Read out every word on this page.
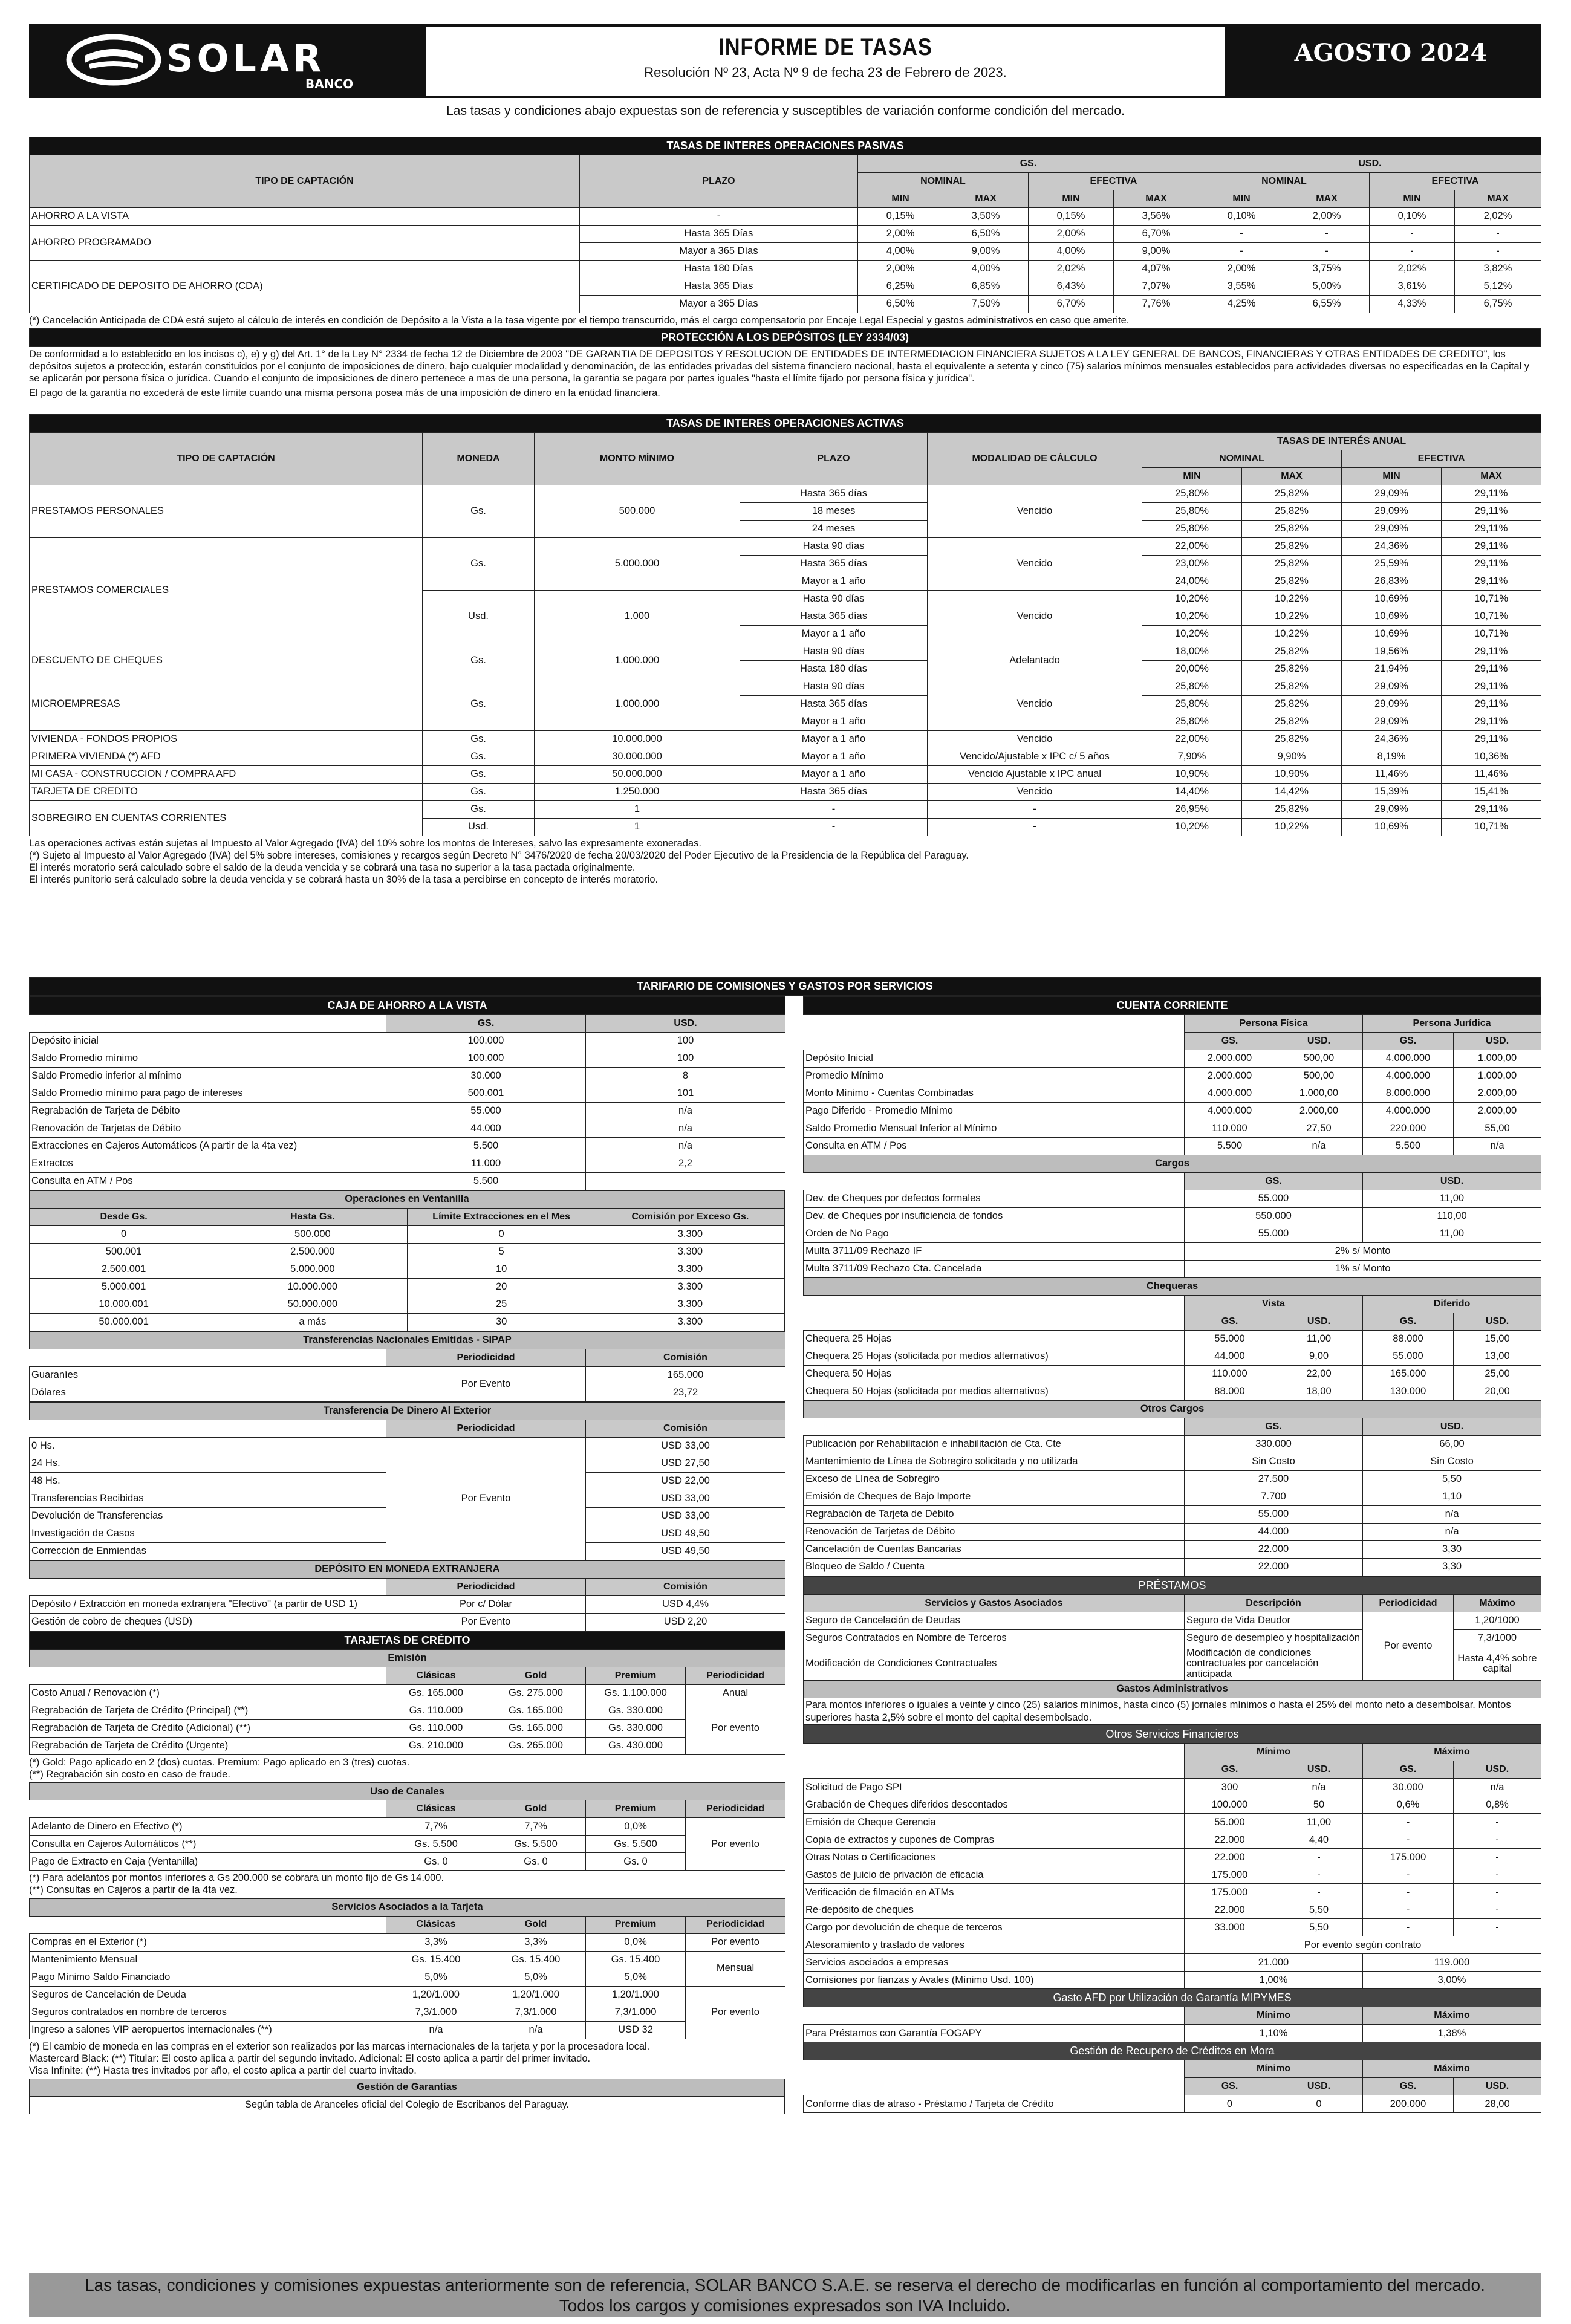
SOLAR
BANCO
INFORME DE TASAS
Resolución Nº 23, Acta Nº 9 de fecha 23 de Febrero de 2023.
AGOSTO 2024
Las tasas y condiciones abajo expuestas son de referencia y susceptibles de variación conforme condición del mercado.
TASAS DE INTERES OPERACIONES PASIVAS									
TIPO DE CAPTACIÓN	PLAZO	GS.				USD.			
		NOMINAL		EFECTIVA		NOMINAL		EFECTIVA	
		MIN	MAX	MIN	MAX	MIN	MAX	MIN	MAX
AHORRO A LA VISTA	-	0,15%	3,50%	0,15%	3,56%	0,10%	2,00%	0,10%	2,02%
AHORRO PROGRAMADO	Hasta 365 Días	2,00%	6,50%	2,00%	6,70%	-	-	-	-
	Mayor a 365 Días	4,00%	9,00%	4,00%	9,00%	-	-	-	-
CERTIFICADO DE DEPOSITO DE AHORRO (CDA)	Hasta 180 Días	2,00%	4,00%	2,02%	4,07%	2,00%	3,75%	2,02%	3,82%
	Hasta 365 Días	6,25%	6,85%	6,43%	7,07%	3,55%	5,00%	3,61%	5,12%
	Mayor a 365 Días	6,50%	7,50%	6,70%	7,76%	4,25%	6,55%	4,33%	6,75%
(*) Cancelación Anticipada de CDA está sujeto al cálculo de interés en condición de Depósito a la Vista a la tasa vigente por el tiempo transcurrido, más el cargo compensatorio por Encaje Legal Especial y gastos administrativos en caso que amerite.
PROTECCIÓN A LOS DEPÓSITOS (LEY 2334/03)
De conformidad a lo establecido en los incisos c), e) y g) del Art. 1° de la Ley N° 2334 de fecha 12 de Diciembre de 2003 "DE GARANTIA DE DEPOSITOS Y RESOLUCION DE ENTIDADES DE INTERMEDIACION FINANCIERA SUJETOS A LA LEY GENERAL DE BANCOS, FINANCIERAS Y OTRAS ENTIDADES DE CREDITO", los depósitos sujetos a protección, estarán constituidos por el conjunto de imposiciones de dinero, bajo cualquier modalidad y denominación, de las entidades privadas del sistema financiero nacional, hasta el equivalente a setenta y cinco (75) salarios mínimos mensuales establecidos para actividades diversas no especificadas en la Capital y se aplicarán por persona física o jurídica. Cuando el conjunto de imposiciones de dinero pertenece a mas de una persona, la garantia se pagara por partes iguales "hasta el límite fijado por persona física y jurídica".
El pago de la garantía no excederá de este límite cuando una misma persona posea más de una imposición de dinero en la entidad financiera.
TASAS DE INTERES OPERACIONES ACTIVAS								
TIPO DE CAPTACIÓN	MONEDA	MONTO MÍNIMO	PLAZO	MODALIDAD DE CÁLCULO	TASAS DE INTERÉS ANUAL			
					NOMINAL		EFECTIVA	
					MIN	MAX	MIN	MAX
PRESTAMOS PERSONALES	Gs.	500.000	Hasta 365 días	Vencido	25,80%	25,82%	29,09%	29,11%
			18 meses		25,80%	25,82%	29,09%	29,11%
			24 meses		25,80%	25,82%	29,09%	29,11%
PRESTAMOS COMERCIALES	Gs.	5.000.000	Hasta 90 días	Vencido	22,00%	25,82%	24,36%	29,11%
			Hasta 365 días		23,00%	25,82%	25,59%	29,11%
			Mayor a 1 año		24,00%	25,82%	26,83%	29,11%
	Usd.	1.000	Hasta 90 días	Vencido	10,20%	10,22%	10,69%	10,71%
			Hasta 365 días		10,20%	10,22%	10,69%	10,71%
			Mayor a 1 año		10,20%	10,22%	10,69%	10,71%
DESCUENTO DE CHEQUES	Gs.	1.000.000	Hasta 90 días	Adelantado	18,00%	25,82%	19,56%	29,11%
			Hasta 180 días		20,00%	25,82%	21,94%	29,11%
MICROEMPRESAS	Gs.	1.000.000	Hasta 90 días	Vencido	25,80%	25,82%	29,09%	29,11%
			Hasta 365 días		25,80%	25,82%	29,09%	29,11%
			Mayor a 1 año		25,80%	25,82%	29,09%	29,11%
VIVIENDA - FONDOS PROPIOS	Gs.	10.000.000	Mayor a 1 año	Vencido	22,00%	25,82%	24,36%	29,11%
PRIMERA VIVIENDA (*) AFD	Gs.	30.000.000	Mayor a 1 año	Vencido/Ajustable x IPC c/ 5 años	7,90%	9,90%	8,19%	10,36%
MI CASA - CONSTRUCCION / COMPRA AFD	Gs.	50.000.000	Mayor a 1 año	Vencido Ajustable x IPC anual	10,90%	10,90%	11,46%	11,46%
TARJETA DE CREDITO	Gs.	1.250.000	Hasta 365 días	Vencido	14,40%	14,42%	15,39%	15,41%
SOBREGIRO EN CUENTAS CORRIENTES	Gs.	1	-	-	26,95%	25,82%	29,09%	29,11%
	Usd.	1	-	-	10,20%	10,22%	10,69%	10,71%
Las operaciones activas están sujetas al Impuesto al Valor Agregado (IVA) del 10% sobre los montos de Intereses, salvo las expresamente exoneradas.
(*) Sujeto al Impuesto al Valor Agregado (IVA) del 5% sobre intereses, comisiones y recargos según Decreto N° 3476/2020 de fecha 20/03/2020 del Poder Ejecutivo de la Presidencia de la República del Paraguay.
El interés moratorio será calculado sobre el saldo de la deuda vencida y se cobrará una tasa no superior a la tasa pactada originalmente.
El interés punitorio será calculado sobre la deuda vencida y se cobrará hasta un 30% de la tasa a percibirse en concepto de interés moratorio.
TARIFARIO DE COMISIONES Y GASTOS POR SERVICIOS
CAJA DE AHORRO A LA VISTA		
	GS.	USD.
Depósito inicial	100.000	100
Saldo Promedio mínimo	100.000	100
Saldo Promedio inferior al mínimo	30.000	8
Saldo Promedio mínimo para pago de intereses	500.001	101
Regrabación de Tarjeta de Débito	55.000	n/a
Renovación de Tarjetas de Débito	44.000	n/a
Extracciones en Cajeros Automáticos (A partir de la 4ta vez)	5.500	n/a
Extractos	11.000	2,2
Consulta en ATM / Pos	5.500	
Operaciones en Ventanilla			
Desde Gs.	Hasta Gs.	Límite Extracciones en el Mes	Comisión por Exceso Gs.
0	500.000	0	3.300
500.001	2.500.000	5	3.300
2.500.001	5.000.000	10	3.300
5.000.001	10.000.000	20	3.300
10.000.001	50.000.000	25	3.300
50.000.001	a más	30	3.300
Transferencias Nacionales Emitidas - SIPAP		
	Periodicidad	Comisión
Guaraníes	Por Evento	165.000
Dólares		23,72
Transferencia De Dinero Al Exterior		
	Periodicidad	Comisión
0 Hs.	Por Evento	USD 33,00
24 Hs.		USD 27,50
48 Hs.		USD 22,00
Transferencias Recibidas		USD 33,00
Devolución de Transferencias		USD 33,00
Investigación de Casos		USD 49,50
Corrección de Enmiendas		USD 49,50
DEPÓSITO EN MONEDA EXTRANJERA		
	Periodicidad	Comisión
Depósito / Extracción en moneda extranjera "Efectivo" (a partir de USD 1)	Por c/ Dólar	USD 4,4%
Gestión de cobro de cheques (USD)	Por Evento	USD 2,20
TARJETAS DE CRÉDITO				
Emisión				
	Clásicas	Gold	Premium	Periodicidad
Costo Anual / Renovación (*)	Gs. 165.000	Gs. 275.000	Gs. 1.100.000	Anual
Regrabación de Tarjeta de Crédito (Principal) (**)	Gs. 110.000	Gs. 165.000	Gs. 330.000	Por evento
Regrabación de Tarjeta de Crédito (Adicional) (**)	Gs. 110.000	Gs. 165.000	Gs. 330.000	
Regrabación de Tarjeta de Crédito (Urgente)	Gs. 210.000	Gs. 265.000	Gs. 430.000	
(*) Gold: Pago aplicado en 2 (dos) cuotas. Premium: Pago aplicado en 3 (tres) cuotas.
(**) Regrabación sin costo en caso de fraude.
Uso de Canales				
	Clásicas	Gold	Premium	Periodicidad
Adelanto de Dinero en Efectivo (*)	7,7%	7,7%	0,0%	Por evento
Consulta en Cajeros Automáticos (**)	Gs. 5.500	Gs. 5.500	Gs. 5.500	
Pago de Extracto en Caja (Ventanilla)	Gs. 0	Gs. 0	Gs. 0	
(*) Para adelantos por montos inferiores a Gs 200.000 se cobrara un monto fijo de Gs 14.000.
(**) Consultas en Cajeros a partir de la 4ta vez.
Servicios Asociados a la Tarjeta				
	Clásicas	Gold	Premium	Periodicidad
Compras en el Exterior (*)	3,3%	3,3%	0,0%	Por evento
Mantenimiento Mensual	Gs. 15.400	Gs. 15.400	Gs. 15.400	Mensual
Pago Mínimo Saldo Financiado	5,0%	5,0%	5,0%	
Seguros de Cancelación de Deuda	1,20/1.000	1,20/1.000	1,20/1.000	Por evento
Seguros contratados en nombre de terceros	7,3/1.000	7,3/1.000	7,3/1.000	
Ingreso a salones VIP aeropuertos internacionales (**)	n/a	n/a	USD 32	
(*) El cambio de moneda en las compras en el exterior son realizados por las marcas internacionales de la tarjeta y por la procesadora local.
Mastercard Black: (**) Titular: El costo aplica a partir del segundo invitado. Adicional: El costo aplica a partir del primer invitado.
Visa Infinite: (**) Hasta tres invitados por año, el costo aplica a partir del cuarto invitado.
Gestión de Garantías
Según tabla de Aranceles oficial del Colegio de Escribanos del Paraguay.
CUENTA CORRIENTE				
	Persona Física		Persona Jurídica	
	GS.	USD.	GS.	USD.
Depósito Inicial	2.000.000	500,00	4.000.000	1.000,00
Promedio Mínimo	2.000.000	500,00	4.000.000	1.000,00
Monto Mínimo - Cuentas Combinadas	4.000.000	1.000,00	8.000.000	2.000,00
Pago Diferido - Promedio Mínimo	4.000.000	2.000,00	4.000.000	2.000,00
Saldo Promedio Mensual Inferior al Mínimo	110.000	27,50	220.000	55,00
Consulta en ATM / Pos	5.500	n/a	5.500	n/a
Cargos				
	GS.		USD.	
Dev. de Cheques por defectos formales	55.000		11,00	
Dev. de Cheques por insuficiencia de fondos	550.000		110,00	
Orden de No Pago	55.000		11,00	
Multa 3711/09 Rechazo IF	2% s/ Monto			
Multa 3711/09 Rechazo Cta. Cancelada	1% s/ Monto			
Chequeras				
	Vista		Diferido	
	GS.	USD.	GS.	USD.
Chequera 25 Hojas	55.000	11,00	88.000	15,00
Chequera 25 Hojas (solicitada por medios alternativos)	44.000	9,00	55.000	13,00
Chequera 50 Hojas	110.000	22,00	165.000	25,00
Chequera 50 Hojas (solicitada por medios alternativos)	88.000	18,00	130.000	20,00
Otros Cargos				
	GS.		USD.	
Publicación por Rehabilitación e inhabilitación de Cta. Cte	330.000		66,00	
Mantenimiento de Línea de Sobregiro solicitada y no utilizada	Sin Costo		Sin Costo	
Exceso de Línea de Sobregiro	27.500		5,50	
Emisión de Cheques de Bajo Importe	7.700		1,10	
Regrabación de Tarjeta de Débito	55.000		n/a	
Renovación de Tarjetas de Débito	44.000		n/a	
Cancelación de Cuentas Bancarias	22.000		3,30	
Bloqueo de Saldo / Cuenta	22.000		3,30	
PRÉSTAMOS			
Servicios y Gastos Asociados	Descripción	Periodicidad	Máximo
Seguro de Cancelación de Deudas	Seguro de Vida Deudor	Por evento	1,20/1000
Seguros Contratados en Nombre de Terceros	Seguro de desempleo y hospitalización		7,3/1000
Modificación de Condiciones Contractuales	Modificación de condiciones contractuales por cancelación anticipada		Hasta 4,4% sobre capital
Gastos Administrativos			
Para montos inferiores o iguales a veinte y cinco (25) salarios mínimos, hasta cinco (5) jornales mínimos o hasta el 25% del monto neto a desembolsar. Montos superiores hasta 2,5% sobre el monto del capital desembolsado.			
Otros Servicios Financieros				
	Mínimo		Máximo	
	GS.	USD.	GS.	USD.
Solicitud de Pago SPI	300	n/a	30.000	n/a
Grabación de Cheques diferidos descontados	100.000	50	0,6%	0,8%
Emisión de Cheque Gerencia	55.000	11,00	-	-
Copia de extractos y cupones de Compras	22.000	4,40	-	-
Otras Notas o Certificaciones	22.000	-	175.000	-
Gastos de juicio de privación de eficacia	175.000	-	-	-
Verificación de filmación en ATMs	175.000	-	-	-
Re-depósito de cheques	22.000	5,50	-	-
Cargo por devolución de cheque de terceros	33.000	5,50	-	-
Atesoramiento y traslado de valores	Por evento según contrato			
Servicios asociados a empresas	21.000		119.000	
Comisiones por fianzas y Avales (Mínimo Usd. 100)	1,00%		3,00%	
Gasto AFD por Utilización de Garantía MIPYMES				
	Mínimo		Máximo	
Para Préstamos con Garantía FOGAPY	1,10%		1,38%	
Gestión de Recupero de Créditos en Mora				
	Mínimo		Máximo	
	GS.	USD.	GS.	USD.
Conforme días de atraso - Préstamo / Tarjeta de Crédito	0	0	200.000	28,00
Las tasas, condiciones y comisiones expuestas anteriormente son de referencia, SOLAR BANCO S.A.E. se reserva el derecho de modificarlas en función al comportamiento del mercado.
Todos los cargos y comisiones expresados son IVA Incluido.
